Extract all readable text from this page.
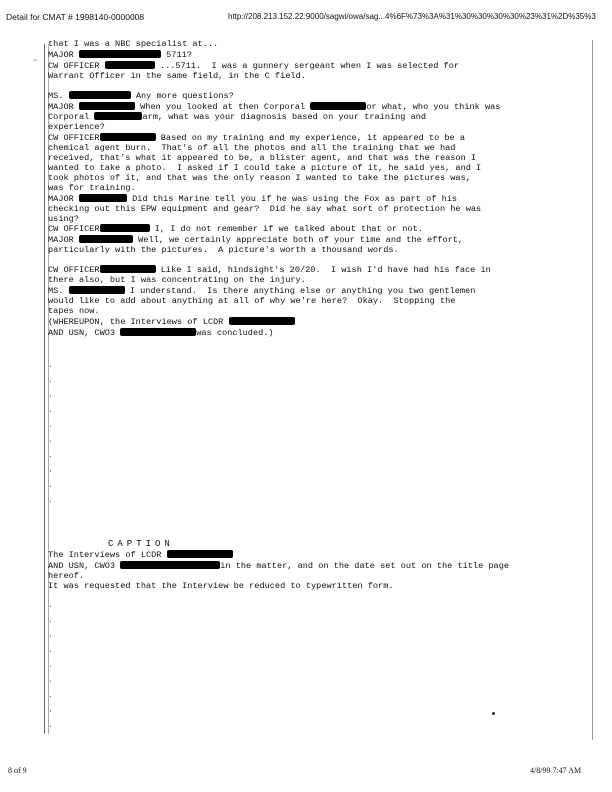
Detail for CMAT # 1998140-0000008	http://208.213.152.22:9000/sagwi/owa/sag...4%6F%73%3A%31%30%30%30%30%23%31%2D%35%3
~

that I was a NBC specialist at...

MAJOR	5711?

CW OFFICER	...5711.  I was a gunnery sergeant when I was selected for

Warrant Officer in the same field, in the C field.

MS.	Any more questions?

MAJOR	When you looked at then Corporal	or what, who you think was

Corporal	arm, what was your diagnosis based on your training and

experience?

CW OFFICER	Based on my training and my experience, it appeared to be a

chemical agent burn.  That's of all the photos and all the training that we had

received, that's what it appeared to be, a blister agent, and that was the reason I

wanted to take a photo.  I asked if I could take a picture of it, he said yes, and I

took photos of it, and that was the only reason I wanted to take the pictures was,

was for training.

MAJOR	Did this Marine tell you if he was using the Fox as part of his

checking out this EPW equipment and gear?  Did he say what sort of protection he was

using?

CW OFFICER	I, I do not remember if we talked about that or not.

MAJOR	Well, we certainly appreciate both of your time and the effort,

particularly with the pictures.  A picture's worth a thousand words.

CW OFFICER	Like I said, hindsight's 20/20.  I wish I'd have had his face in

there also, but I was concentrating on the injury.

MS.	I understand.  Is there anything else or anything you two gentlemen

would like to add about anything at all of why we're here?  Okay.  Stopping the

tapes now.

(WHEREUPON, the Interviews of LCDR

AND USN, CWO3	was concluded.)

.
.
.
.
.
.
.
.
.
.
CAPTION

The Interviews of LCDR

AND USN, CWO3	in the matter, and on the date set out on the title page

hereof.

It was requested that the Interview be reduced to typewritten form.

.
.
.
.
.
.
.
.
.
8 of 9	4/8/99 7:47 AM
